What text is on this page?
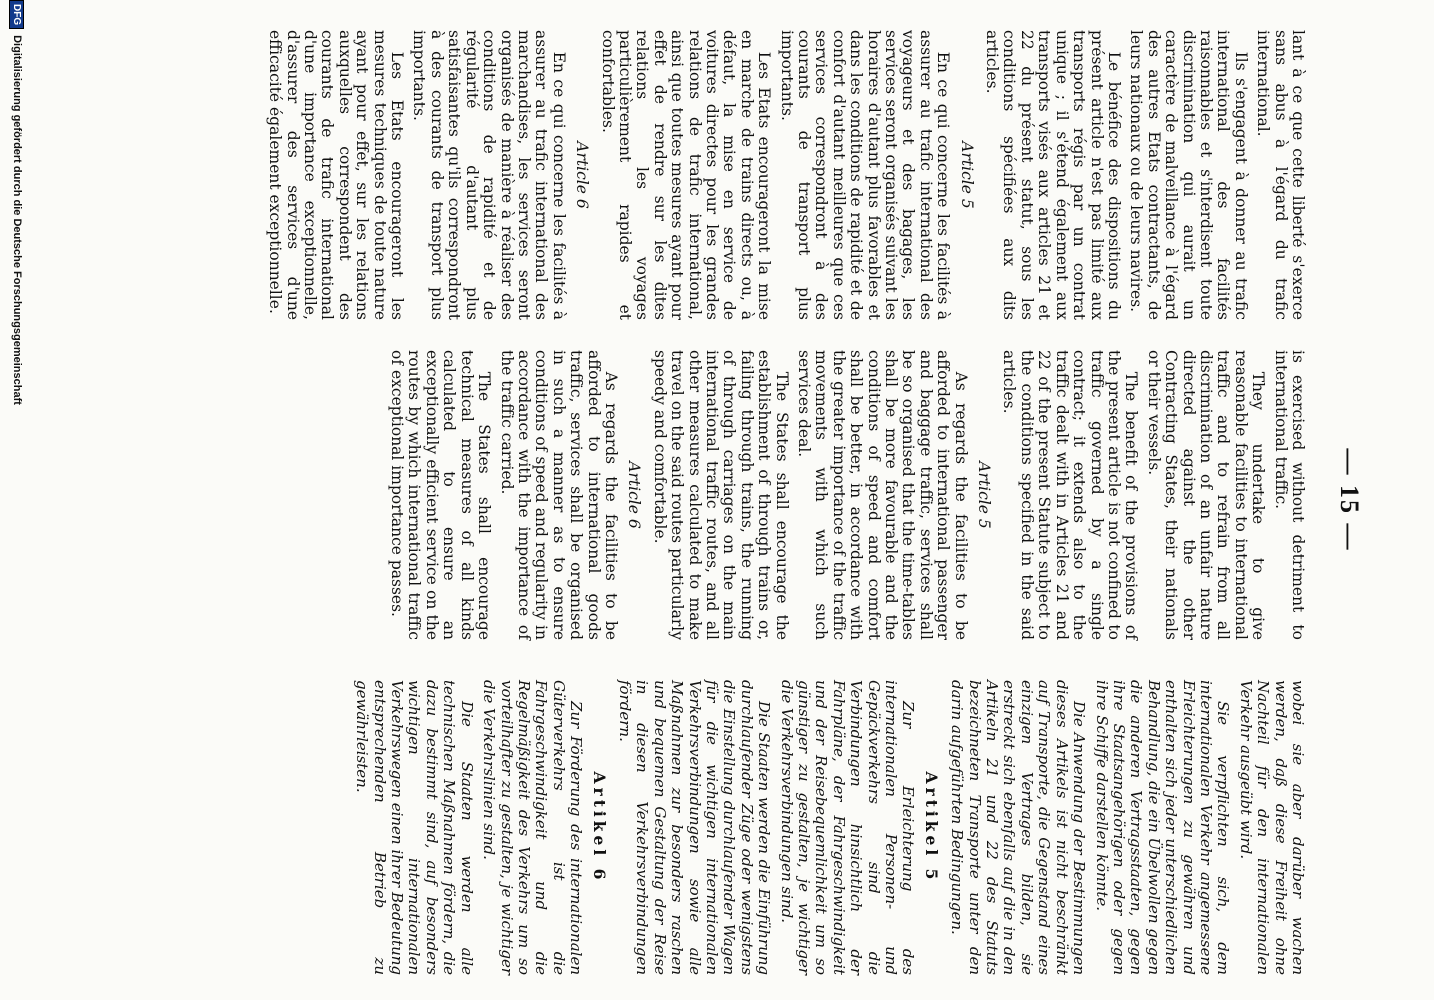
— 15 —

lant à ce que cette liberté s'exerce sans abus à l'égard du trafic international.

Ils s'engagent à donner au trafic international des facilités raisonnables et s'interdisent toute discrimination qui aurait un caractère de malveillance à l'égard des autres Etats contractants, de leurs nationaux ou de leurs navires.

Le bénéfice des dispositions du présent article n'est pas limité aux transports régis par un contrat unique ; il s'étend également aux transports visés aux articles 21 et 22 du présent statut, sous les conditions spécifiées aux dits articles.

Article 5

En ce qui concerne les facilités à assurer au trafic international des voyageurs et des bagages, les services seront organisés suivant les horaires d'autant plus favorables et dans les conditions de rapidité et de confort d'autant meilleures que ces services correspondront à des courants de transport plus importants.

Les Etats encourageront la mise en marche de trains directs ou, à défaut, la mise en service de voitures directes pour les grandes relations de trafic international, ainsi que toutes mesures ayant pour effet de rendre sur les dites relations les voyages particulièrement rapides et confortables.

Article 6

En ce qui concerne les facilités à assurer au trafic international des marchandises, les services seront organisés de manière à réaliser des conditions de rapidité et de régularité d'autant plus satisfaisantes qu'ils correspondront à des courants de transport plus importants.

Les Etats encourageront les mesures techniques de toute nature ayant pour effet, sur les relations auxquelles correspondent des courants de trafic international d'une importance exceptionnelle, d'assurer des services d'une efficacité également exceptionnelle.

is exercised without detriment to international traffic.

They undertake to give reasonable facilities to international traffic and to refrain from all discrimination of an unfair nature directed against the other Contracting States, their nationals or their vessels.

The benefit of the provisions of the present article is not confined to traffic governed by a single contract; it extends also to the traffic dealt with in Articles 21 and 22 of the present Statute subject to the conditions specified in the said articles.

Article 5

As regards the facilities to be afforded to international passenger and baggage traffic, services shall be so organised that the time-tables shall be more favourable and the conditions of speed and comfort shall be better, in accordance with the greater importance of the traffic movements with which such services deal.

The States shall encourage the establishment of through trains or, failing through trains, the running of through carriages on the main international traffic routes, and all other measures calculated to make travel on the said routes particularly speedy and comfortable.

Article 6

As regards the facilities to be afforded to international goods traffic, services shall be organised in such a manner as to ensure conditions of speed and regularity in accordance with the importance of the traffic carried.

The States shall encourage technical measures of all kinds calculated to ensure an exceptionally efficient service on the routes by which international traffic of exceptional importance passes.

wobei sie aber darüber wachen werden, daß diese Freiheit ohne Nachteil für den internationalen Verkehr ausgeübt wird.

Sie verpflichten sich, dem internationalen Verkehr angemessene Erleichterungen zu gewähren und enthalten sich jeder unterschiedlichen Behandlung, die ein Übelwollen gegen die anderen Vertragsstaaten, gegen ihre Staatsangehörigen oder gegen ihre Schiffe darstellen könnte.

Die Anwendung der Bestimmungen dieses Artikels ist nicht beschränkt auf Transporte, die Gegenstand eines einzigen Vertrages bilden, sie erstreckt sich ebenfalls auf die in den Artikeln 21 und 22 des Statuts bezeichneten Transporte unter den darin aufgeführten Bedingungen.

Artikel 5

Zur Erleichterung des internationalen Personen- und Gepäckverkehrs sind die Verbindungen hinsichtlich der Fahrpläne, der Fahrgeschwindigkeit und der Reisebequemlichkeit um so günstiger zu gestalten, je wichtiger die Verkehrsverbindungen sind.

Die Staaten werden die Einführung durchlaufender Züge oder wenigstens die Einstellung durchlaufender Wagen für die wichtigen internationalen Verkehrsverbindungen sowie alle Maßnahmen zur besonders raschen und bequemen Gestaltung der Reise in diesen Verkehrsverbindungen fördern.

Artikel 6

Zur Förderung des internationalen Güterverkehrs ist die Fahrgeschwindigkeit und die Regelmäßigkeit des Verkehrs um so vorteilhafter zu gestalten, je wichtiger die Verkehrslinien sind.

Die Staaten werden alle technischen Maßnahmen fördern, die dazu bestimmt sind, auf besonders wichtigen internationalen Verkehrswegen einen ihrer Bedeutung entsprechenden Betrieb zu gewährleisten.

DFG
Digitalisierung gefördert durch die Deutsche Forschungsgemeinschaft
